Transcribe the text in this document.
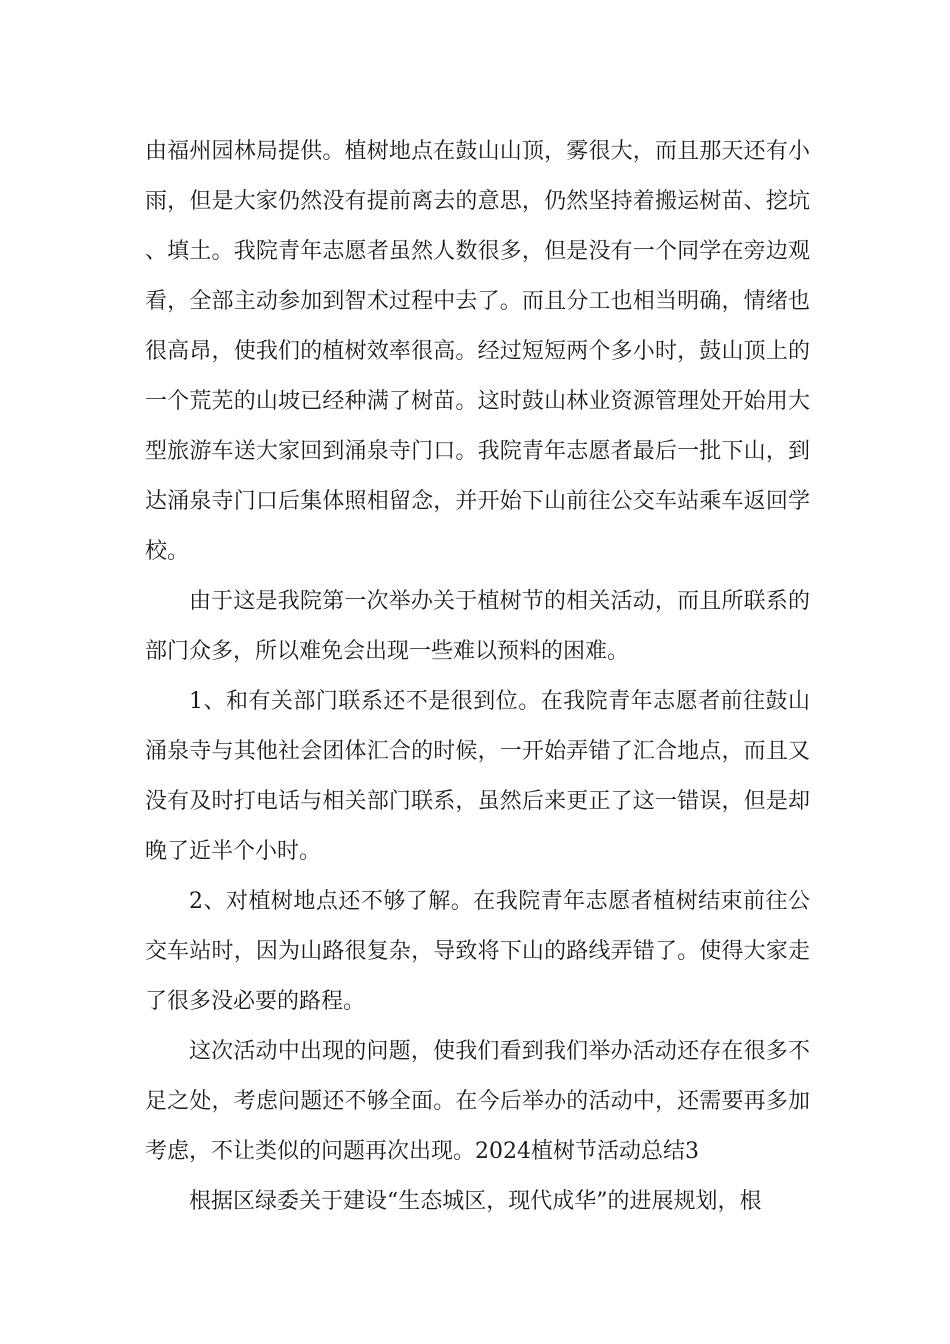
由福州园林局提供。植树地点在鼓山山顶，雾很大，而且那天还有小雨，但是大家仍然没有提前离去的意思，仍然坚持着搬运树苗、挖坑、填土。我院青年志愿者虽然人数很多，但是没有一个同学在旁边观看，全部主动参加到智术过程中去了。而且分工也相当明确，情绪也很高昂，使我们的植树效率很高。经过短短两个多小时，鼓山顶上的一个荒芜的山坡已经种满了树苗。这时鼓山林业资源管理处开始用大型旅游车送大家回到涌泉寺门口。我院青年志愿者最后一批下山，到达涌泉寺门口后集体照相留念，并开始下山前往公交车站乘车返回学校。

由于这是我院第一次举办关于植树节的相关活动，而且所联系的部门众多，所以难免会出现一些难以预料的困难。

1、和有关部门联系还不是很到位。在我院青年志愿者前往鼓山涌泉寺与其他社会团体汇合的时候，一开始弄错了汇合地点，而且又没有及时打电话与相关部门联系，虽然后来更正了这一错误，但是却晚了近半个小时。

2、对植树地点还不够了解。在我院青年志愿者植树结束前往公交车站时，因为山路很复杂，导致将下山的路线弄错了。使得大家走了很多没必要的路程。

这次活动中出现的问题，使我们看到我们举办活动还存在很多不足之处，考虑问题还不够全面。在今后举办的活动中，还需要再多加考虑，不让类似的问题再次出现。2024植树节活动总结3

根据区绿委关于建设“生态城区，现代成华”的进展规划，根
